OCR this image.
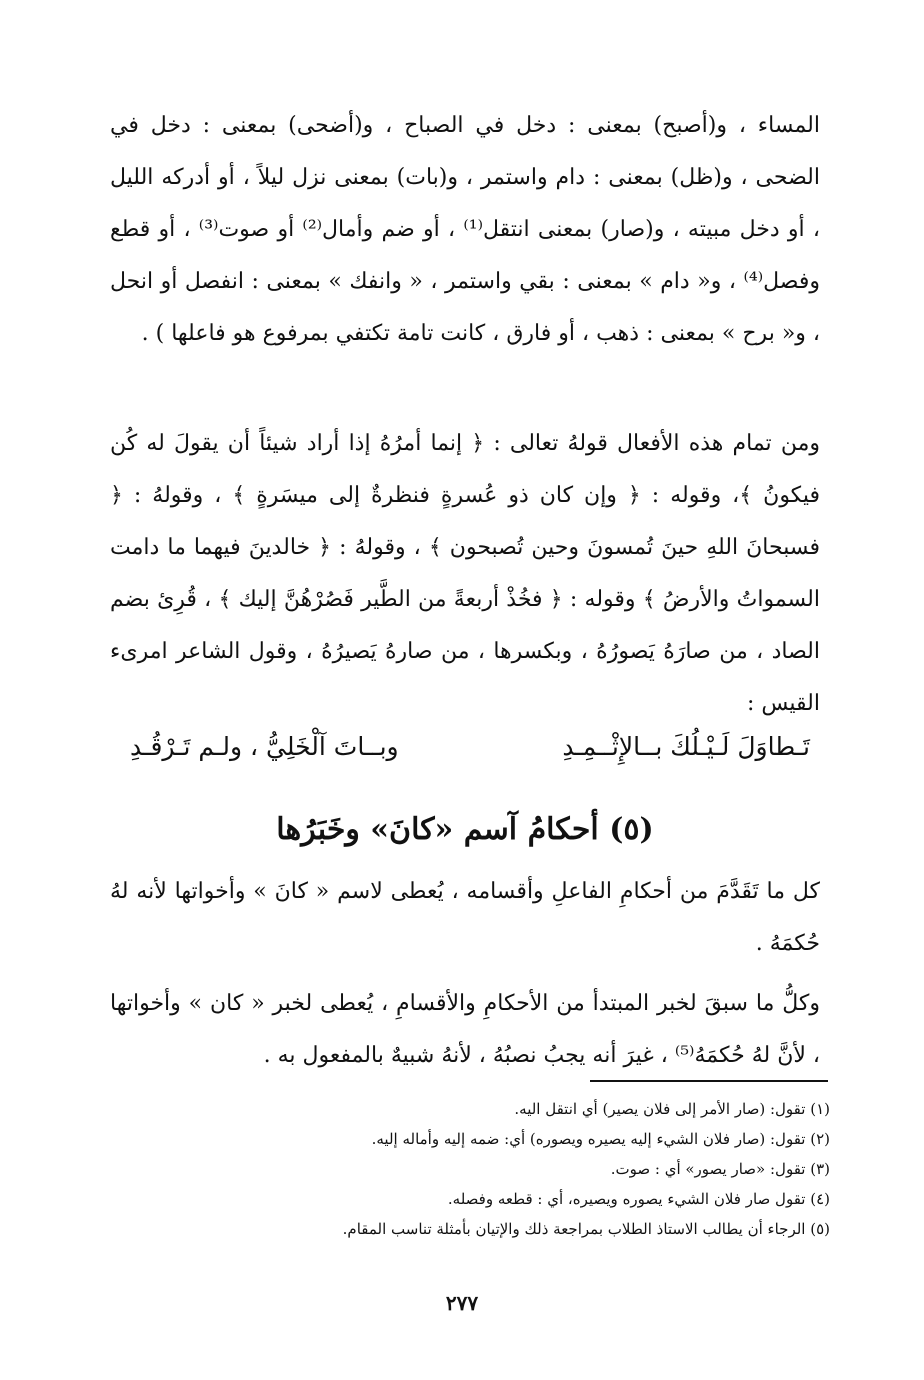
المساء ، و(أصبح) بمعنى : دخل في الصباح ، و(أضحى) بمعنى : دخل في الضحى ، و(ظل) بمعنى : دام واستمر ، و(بات) بمعنى نزل ليلاً ، أو أدركه الليل ، أو دخل مبيته ، و(صار) بمعنى انتقل⁽¹⁾ ، أو ضم وأمال⁽²⁾ أو صوت⁽³⁾ ، أو قطع وفصل⁽⁴⁾ ، و« دام » بمعنى : بقي واستمر ، « وانفك » بمعنى : انفصل أو انحل ، و« برح » بمعنى : ذهب ، أو فارق ، كانت تامة تكتفي بمرفوع هو فاعلها ) .

ومن تمام هذه الأفعال قولهُ تعالى : ﴿ إنما أمرُهُ إذا أراد شيئاً أن يقولَ له كُن فيكونُ ﴾، وقوله : ﴿ وإن كان ذو عُسرةٍ فنظرةٌ إلى ميسَرةٍ ﴾ ، وقولهُ : ﴿ فسبحانَ اللهِ حينَ تُمسونَ وحين تُصبحون ﴾ ، وقولهُ : ﴿ خالدينَ فيهما ما دامت السمواتُ والأرضُ ﴾ وقوله : ﴿ فخُذْ أربعةً من الطَّير فَصُرْهُنَّ إليك ﴾ ، قُرِئ بضم الصاد ، من صارَهُ يَصورُهُ ، وبكسرها ، من صارهُ يَصيرُهُ ، وقول الشاعر امرىء القيس :

تَـطاوَلَ لَـيْـلُكَ بــالإِثْــمِـدِ
وبــاتَ آلْخَلِيُّ ، ولـم تَـرْقُـدِ
(٥) أحكامُ آسم «كانَ» وخَبَرُها

كل ما تَقَدَّمَ من أحكامِ الفاعلِ وأقسامه ، يُعطى لاسم « كانَ » وأخواتها لأنه لهُ حُكمَهُ .

وكلُّ ما سبقَ لخبر المبتدأ من الأحكامِ والأقسامِ ، يُعطى لخبر « كان » وأخواتها ، لأنَّ لهُ حُكمَهُ⁽⁵⁾ ، غيرَ أنه يجبُ نصبُهُ ، لأنهُ شبيهٌ بالمفعول به .

(١) تقول: (صار الأمر إلى فلان يصير) أي انتقل اليه.
(٢) تقول: (صار فلان الشيء إليه يصيره ويصوره) أي: ضمه إليه وأماله إليه.
(٣) تقول: «صار يصور» أي : صوت.
(٤) تقول صار فلان الشيء يصوره ويصيره، أي : قطعه وفصله.
(٥) الرجاء أن يطالب الاستاذ الطلاب بمراجعة ذلك والإتيان بأمثلة تناسب المقام.
٢٧٧
